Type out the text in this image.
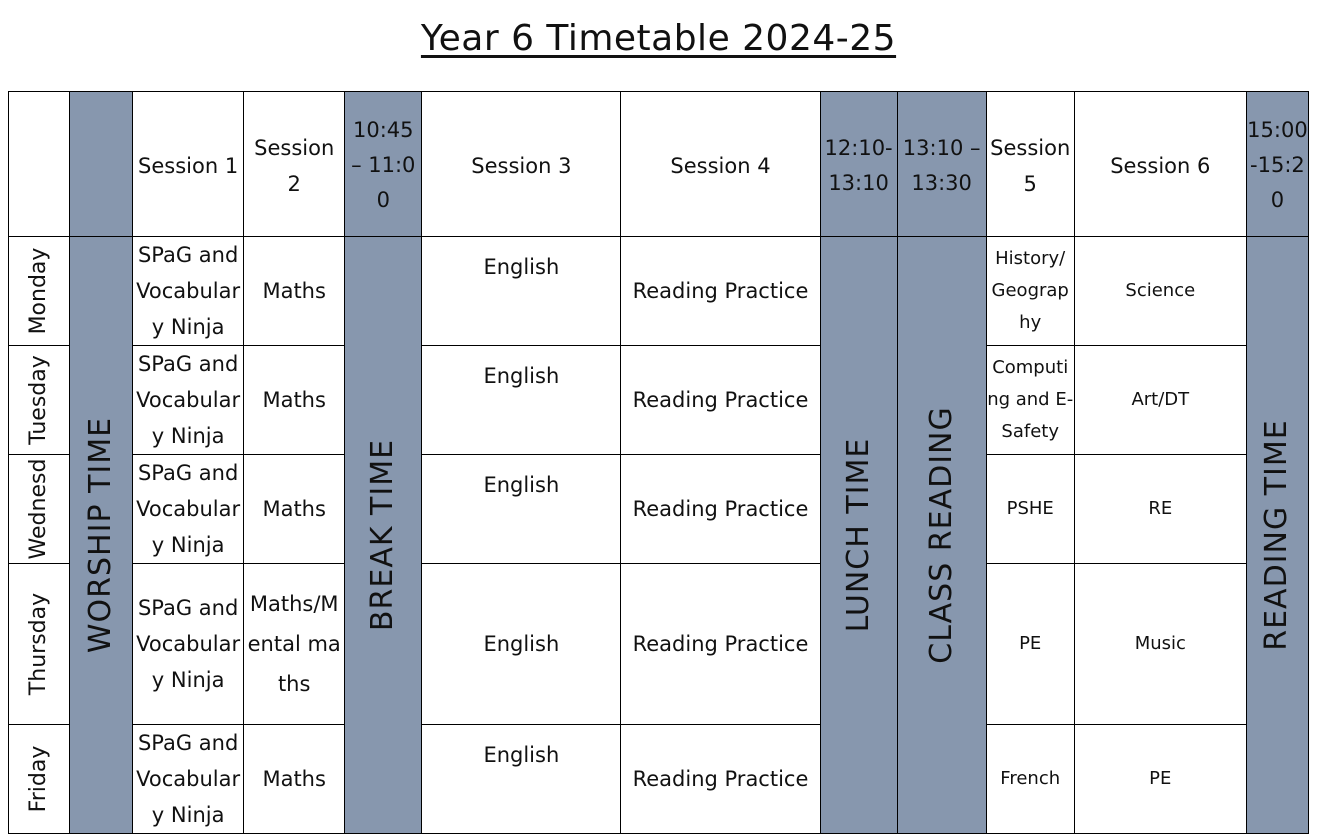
Year 6 Timetable 2024-25

		Session 1	Session 2	10:45 – 11:00	Session 3	Session 4	12:10-13:10	13:10 – 13:30	Session 5	Session 6	15:00-15:20

Monday	WORSHIP TIME	SPaG and Vocabulary Ninja	Maths	BREAK TIME	English	Reading Practice	LUNCH TIME	CLASS READING	History/ Geography	Science	READING TIME

Tuesday		SPaG and Vocabulary Ninja	Maths		English	Reading Practice			Computing and E-Safety	Art/DT	

Wednesd		SPaG and Vocabulary Ninja	Maths		English	Reading Practice			PSHE	RE	

Thursday		SPaG and Vocabulary Ninja	Maths/Mental maths		English	Reading Practice			PE	Music	

Friday		SPaG and Vocabulary Ninja	Maths		English	Reading Practice			French	PE	
